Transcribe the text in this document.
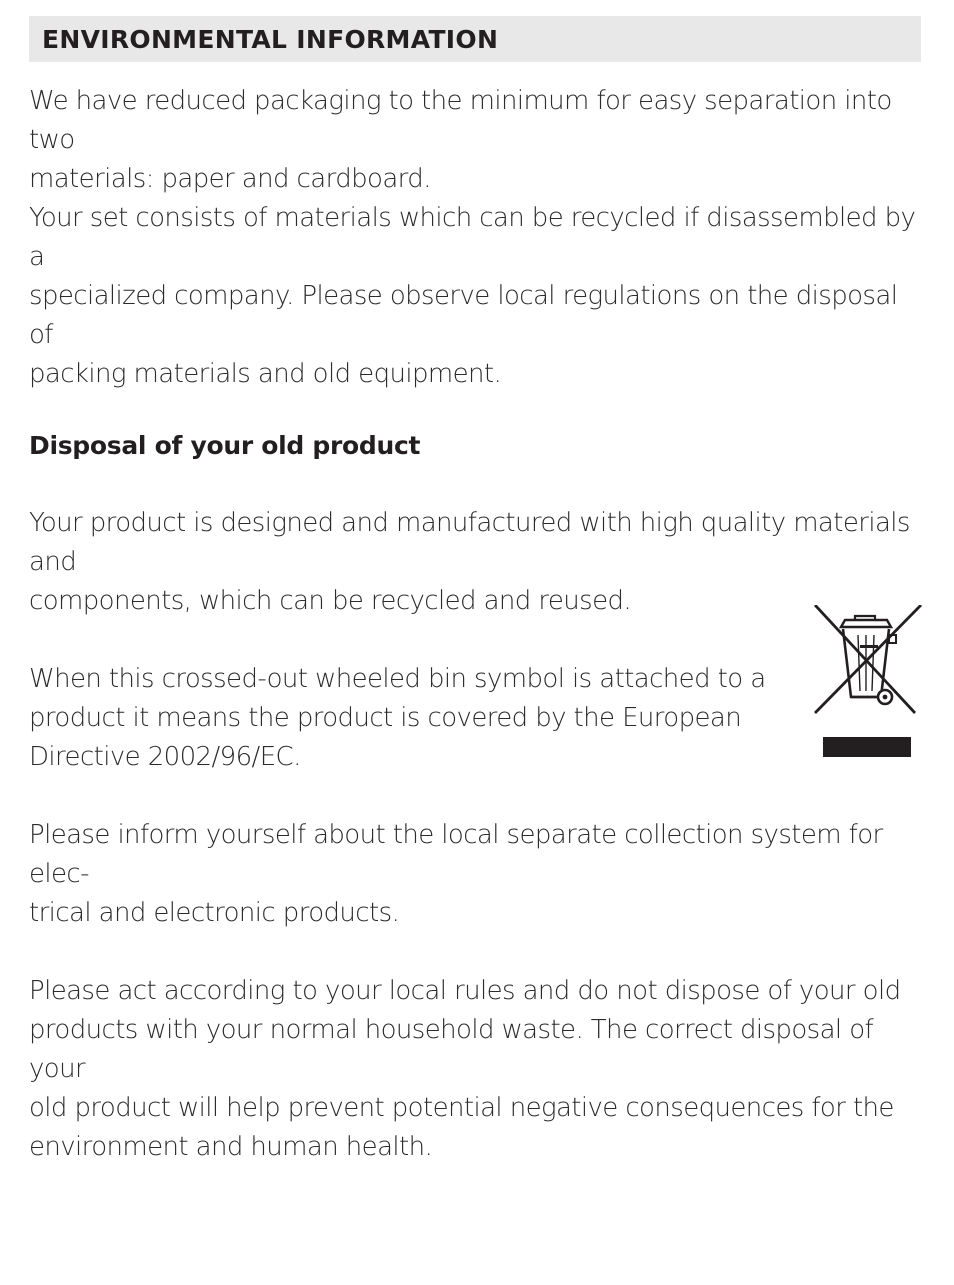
ENVIRONMENTAL INFORMATION

We have reduced packaging to the minimum for easy separation into two
materials: paper and cardboard.
Your set consists of materials which can be recycled if disassembled by a
specialized company. Please observe local regulations on the disposal of
packing materials and old equipment.

Disposal of your old product

Your product is designed and manufactured with high quality materials and
components, which can be recycled and reused.

When this crossed-out wheeled bin symbol is attached to a
product it means the product is covered by the European
Directive 2002/96/EC.

Please inform yourself about the local separate collection system for elec-
trical and electronic products.

Please act according to your local rules and do not dispose of your old
products with your normal household waste. The correct disposal of your
old product will help prevent potential negative consequences for the
environment and human health.
